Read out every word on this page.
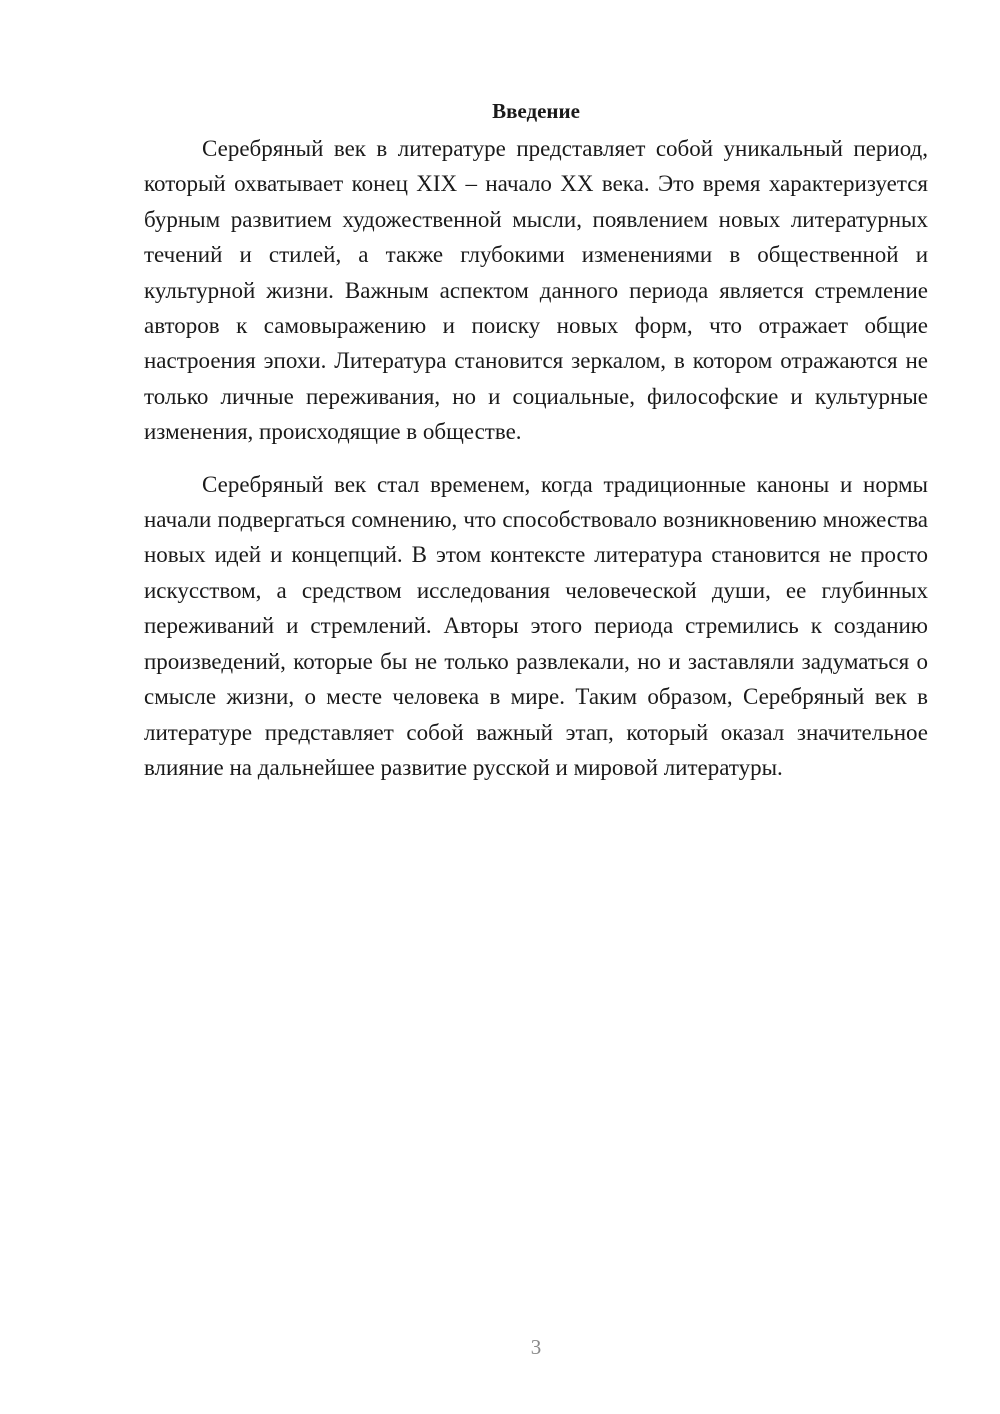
Введение

Серебряный век в литературе представляет собой уникальный период, который охватывает конец XIX – начало XX века. Это время характеризуется бурным развитием художественной мысли, появлением новых литературных течений и стилей, а также глубокими изменениями в общественной и культурной жизни. Важным аспектом данного периода является стремление авторов к самовыражению и поиску новых форм, что отражает общие настроения эпохи. Литература становится зеркалом, в котором отражаются не только личные переживания, но и социальные, философские и культурные изменения, происходящие в обществе.

Серебряный век стал временем, когда традиционные каноны и нормы начали подвергаться сомнению, что способствовало возникновению множества новых идей и концепций. В этом контексте литература становится не просто искусством, а средством исследования человеческой души, ее глубинных переживаний и стремлений. Авторы этого периода стремились к созданию произведений, которые бы не только развлекали, но и заставляли задуматься о смысле жизни, о месте человека в мире. Таким образом, Серебряный век в литературе представляет собой важный этап, который оказал значительное влияние на дальнейшее развитие русской и мировой литературы.

3
